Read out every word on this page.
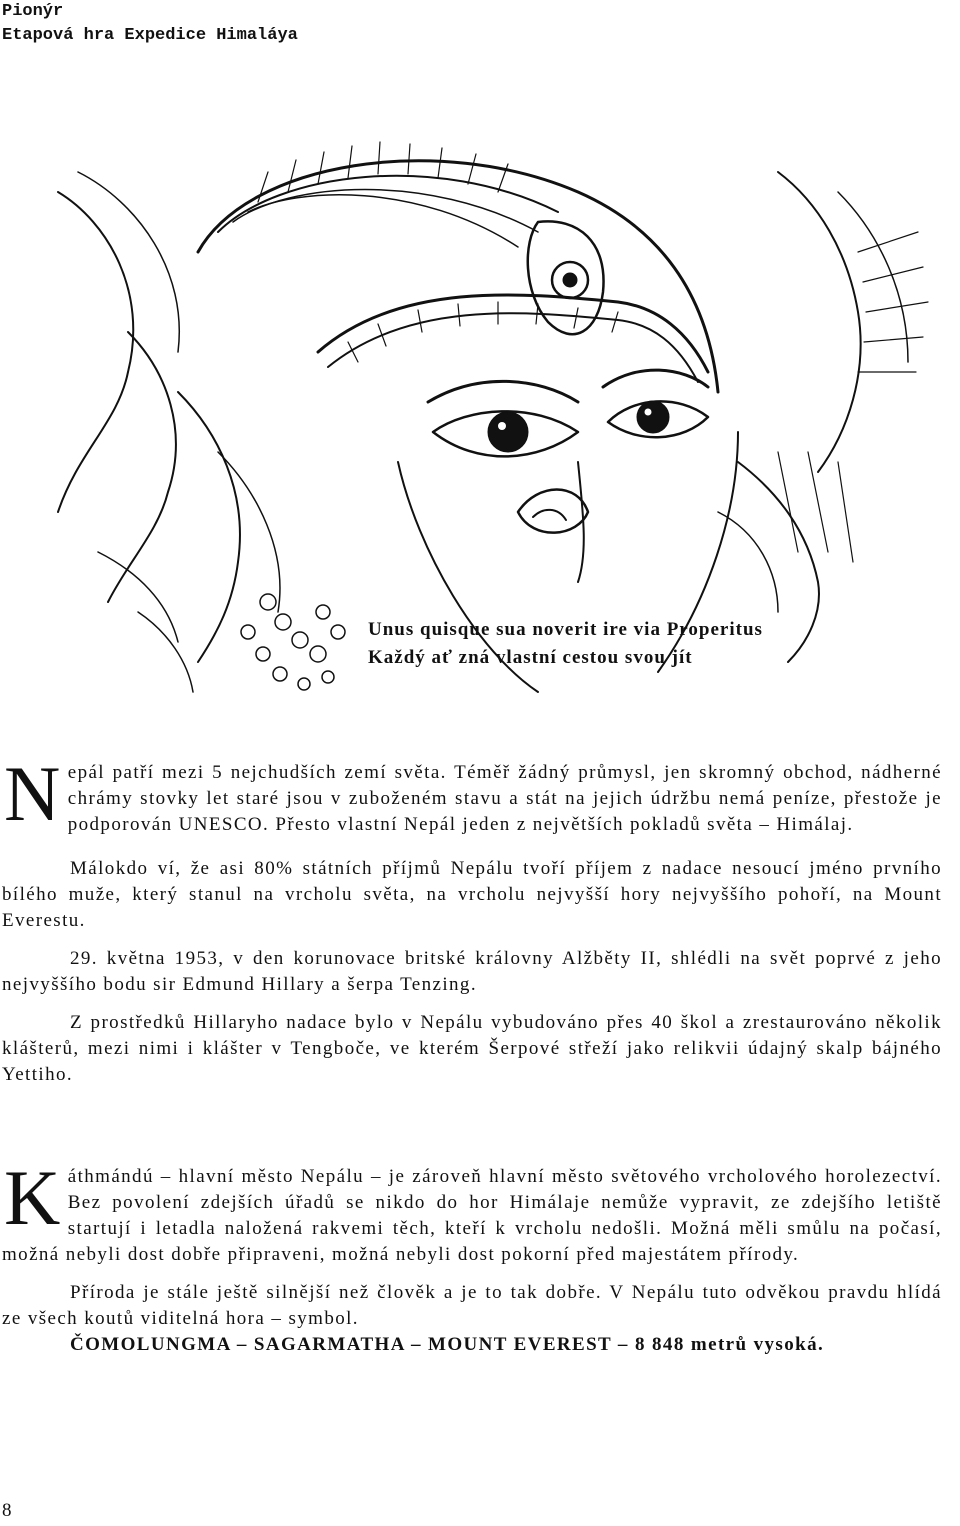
Pionýr
Etapová hra Expedice Himaláya
Unus quisque sua noverit ire via Properitus
Každý ať zná vlastní cestou svou jít

Nepál patří mezi 5 nejchudších zemí světa. Téměř žádný průmysl, jen skromný obchod, nádherné chrámy stovky let staré jsou v zuboženém stavu a stát na jejich údržbu nemá peníze, přestože je podporován UNESCO. Přesto vlastní Nepál jeden z největších pokladů světa – Himálaj.

Málokdo ví, že asi 80% státních příjmů Nepálu tvoří příjem z nadace nesoucí jméno prvního bílého muže, který stanul na vrcholu světa, na vrcholu nejvyšší hory nejvyššího pohoří, na Mount Everestu.

29. května 1953, v den korunovace britské královny Alžběty II, shlédli na svět poprvé z jeho nejvyššího bodu sir Edmund Hillary a šerpa Tenzing.

Z prostředků Hillaryho nadace bylo v Nepálu vybudováno přes 40 škol a zrestaurováno několik klášterů, mezi nimi i klášter v Tengboče, ve kterém Šerpové střeží jako relikvii údajný skalp bájného Yettiho.

Káthmándú – hlavní město Nepálu – je zároveň hlavní město světového vrcholového horolezectví. Bez povolení zdejších úřadů se nikdo do hor Himálaje nemůže vypravit, ze zdejšího letiště startují i letadla naložená rakvemi těch, kteří k vrcholu nedošli. Možná měli smůlu na počasí, možná nebyli dost dobře připraveni, možná nebyli dost pokorní před majestátem přírody.

Příroda je stále ještě silnější než člověk a je to tak dobře. V Nepálu tuto odvěkou pravdu hlídá ze všech koutů viditelná hora – symbol.

ČOMOLUNGMA – SAGARMATHA – MOUNT EVEREST – 8 848 metrů vysoká.

8
